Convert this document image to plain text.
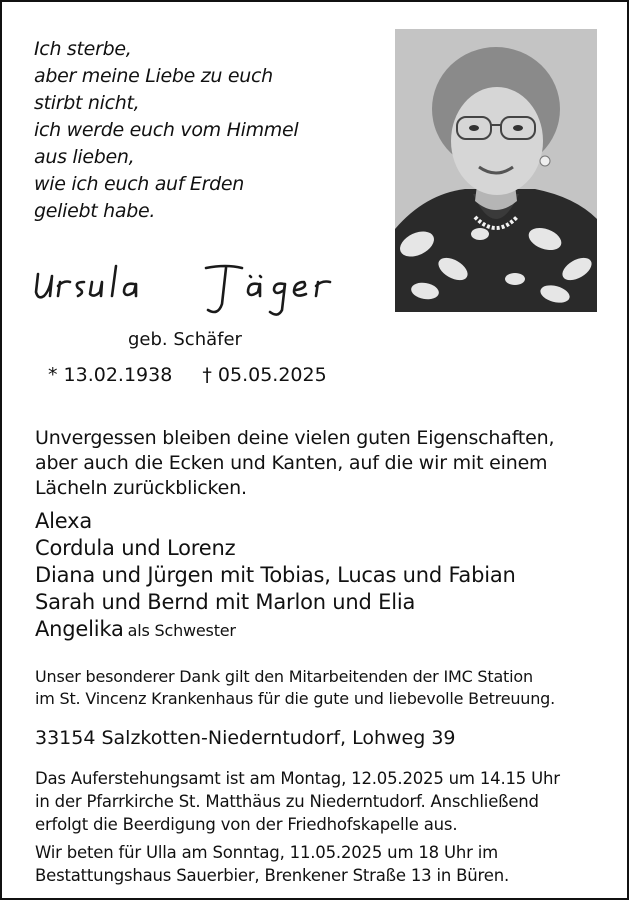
Ich sterbe,
aber meine Liebe zu euch
stirbt nicht,
ich werde euch vom Himmel
aus lieben,
wie ich euch auf Erden
geliebt habe.
geb. Schäfer
* 13.02.1938 † 05.05.2025
Unvergessen bleiben deine vielen guten Eigenschaften,
aber auch die Ecken und Kanten, auf die wir mit einem
Lächeln zurückblicken.
Alexa
Cordula und Lorenz
Diana und Jürgen mit Tobias, Lucas und Fabian
Sarah und Bernd mit Marlon und Elia
Angelika als Schwester
Unser besonderer Dank gilt den Mitarbeitenden der IMC Station
im St. Vincenz Krankenhaus für die gute und liebevolle Betreuung.
33154 Salzkotten-Niederntudorf, Lohweg 39
Das Auferstehungsamt ist am Montag, 12.05.2025 um 14.15 Uhr
in der Pfarrkirche St. Matthäus zu Niederntudorf. Anschließend
erfolgt die Beerdigung von der Friedhofskapelle aus.
Wir beten für Ulla am Sonntag, 11.05.2025 um 18 Uhr im
Bestattungshaus Sauerbier, Brenkener Straße 13 in Büren.
